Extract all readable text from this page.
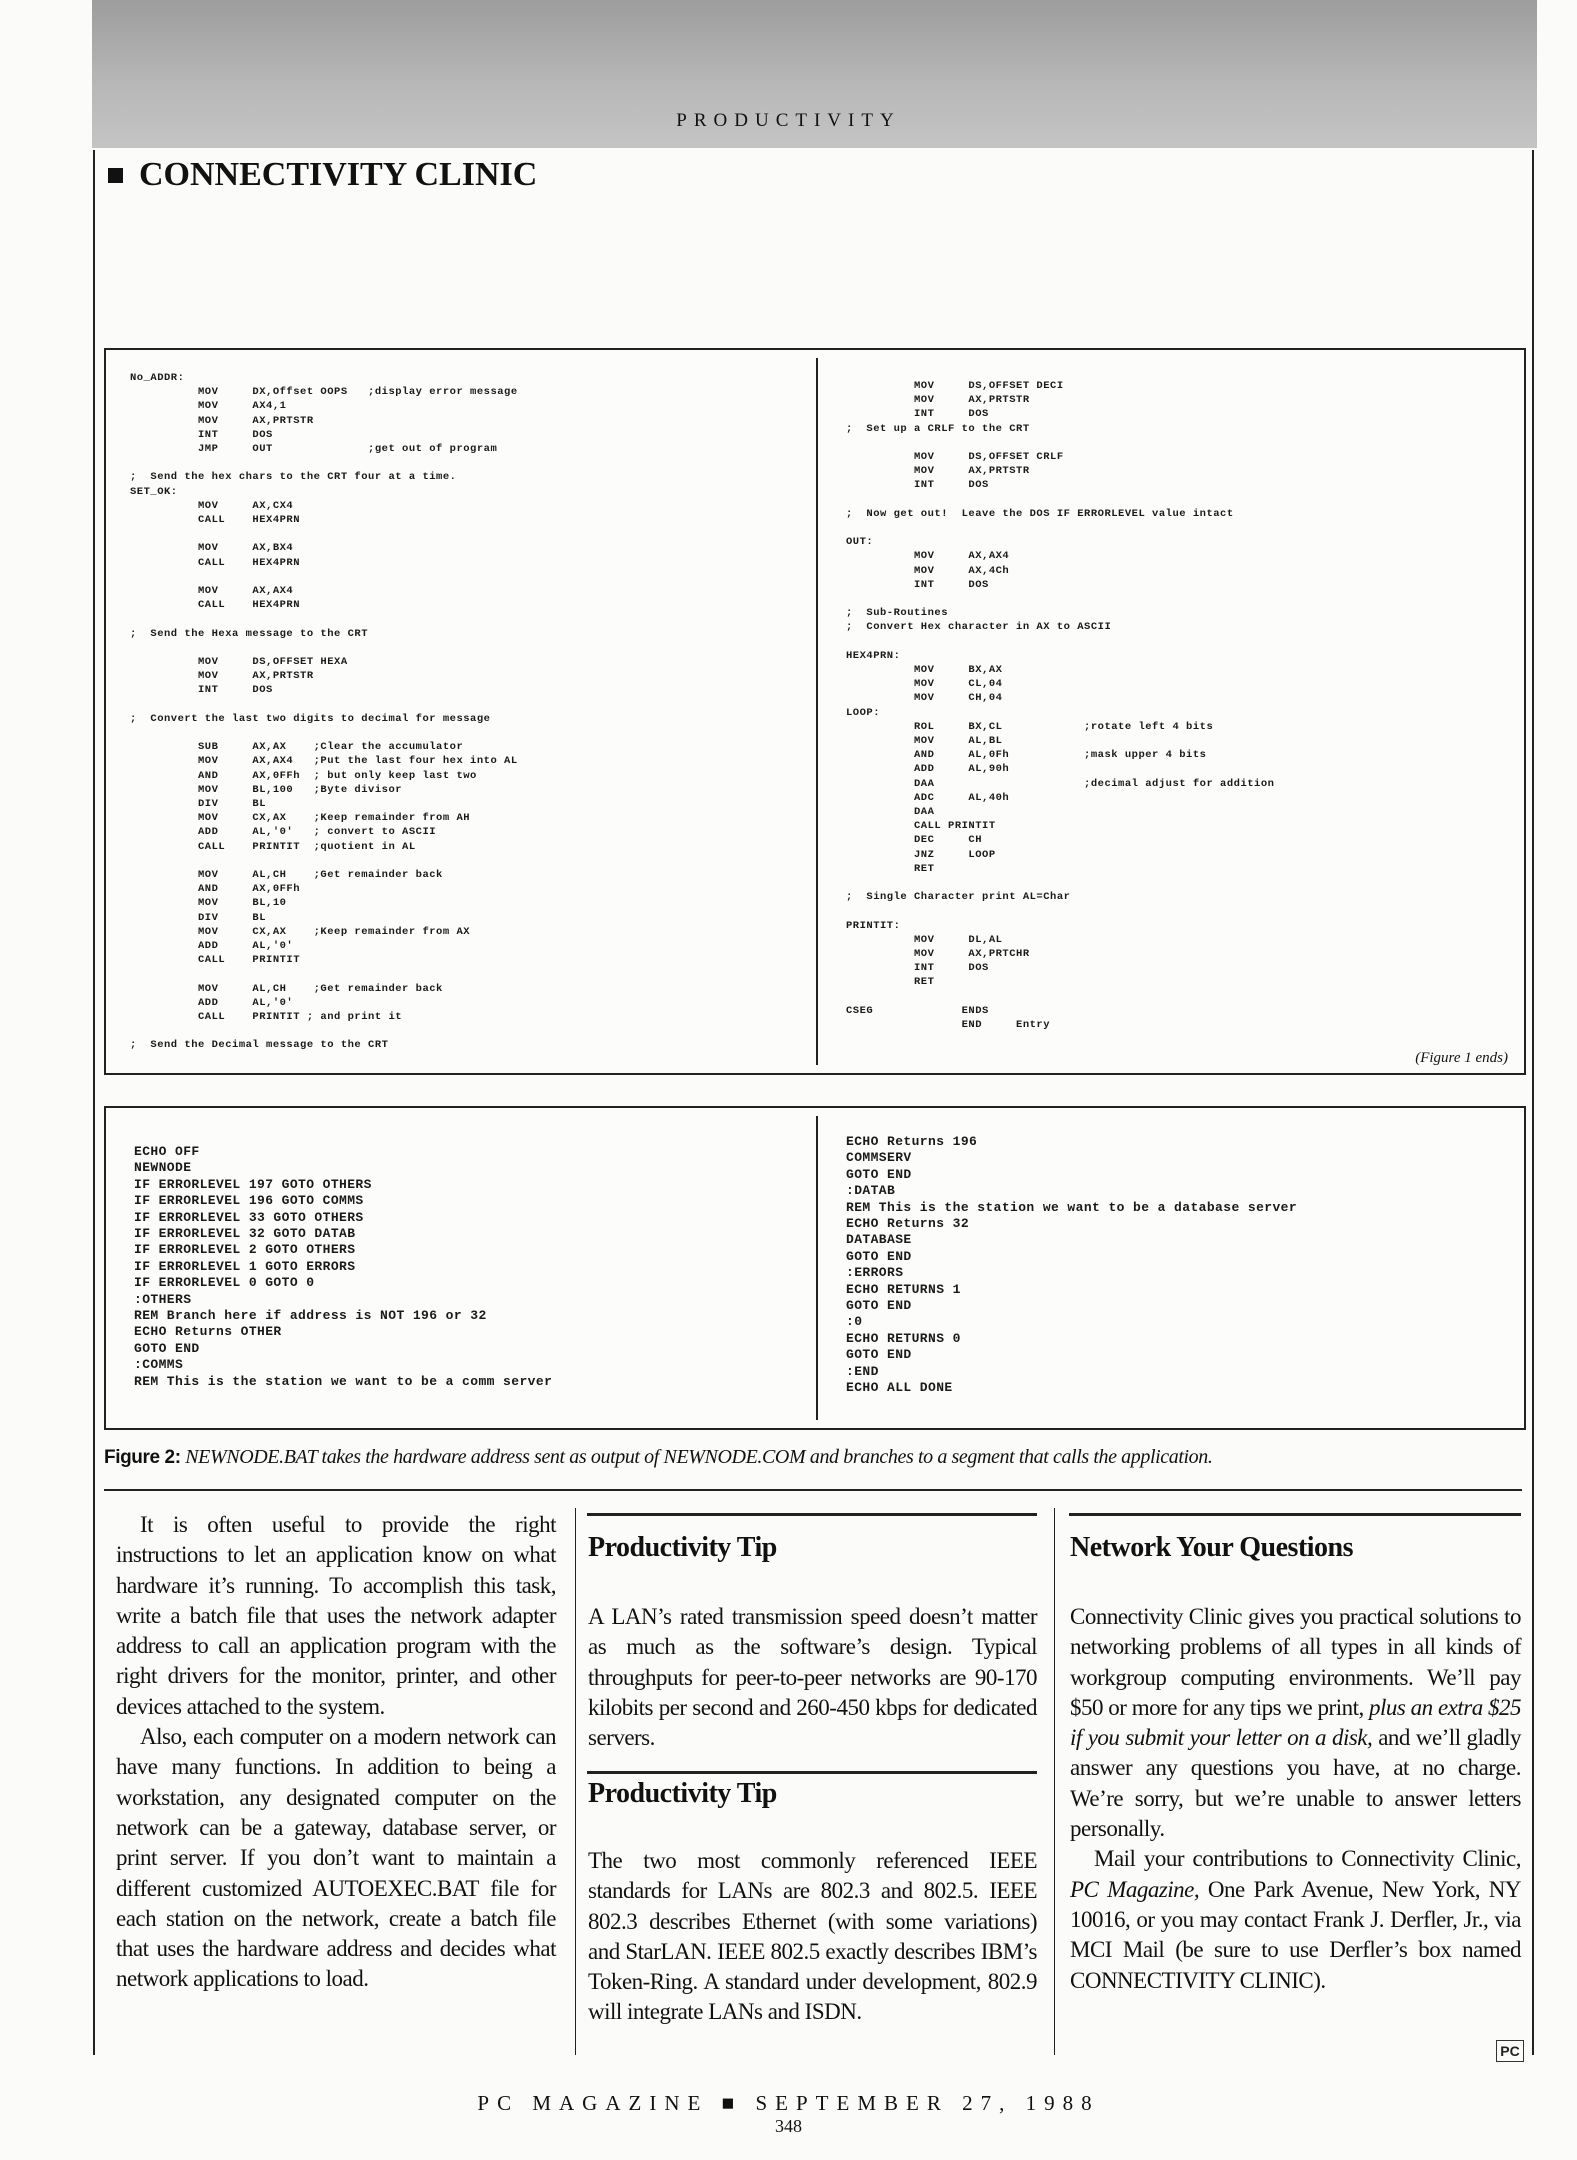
PRODUCTIVITY
CONNECTIVITY CLINIC
No_ADDR:
MOV     DX,Offset OOPS   ;display error message
MOV     AX4,1
MOV     AX,PRTSTR
INT     DOS
JMP     OUT              ;get out of program
;  Send the hex chars to the CRT four at a time.
SET_OK:
MOV     AX,CX4
CALL    HEX4PRN
MOV     AX,BX4
CALL    HEX4PRN
MOV     AX,AX4
CALL    HEX4PRN
;  Send the Hexa message to the CRT
MOV     DS,OFFSET HEXA
MOV     AX,PRTSTR
INT     DOS
;  Convert the last two digits to decimal for message
SUB     AX,AX    ;Clear the accumulator
MOV     AX,AX4   ;Put the last four hex into AL
AND     AX,0FFh  ; but only keep last two
MOV     BL,100   ;Byte divisor
DIV     BL
MOV     CX,AX    ;Keep remainder from AH
ADD     AL,'0'   ; convert to ASCII
CALL    PRINTIT  ;quotient in AL
MOV     AL,CH    ;Get remainder back
AND     AX,0FFh
MOV     BL,10
DIV     BL
MOV     CX,AX    ;Keep remainder from AX
ADD     AL,'0'
CALL    PRINTIT
MOV     AL,CH    ;Get remainder back
ADD     AL,'0'
CALL    PRINTIT ; and print it
;  Send the Decimal message to the CRT
MOV     DS,OFFSET DECI
MOV     AX,PRTSTR
INT     DOS
;  Set up a CRLF to the CRT
MOV     DS,OFFSET CRLF
MOV     AX,PRTSTR
INT     DOS
;  Now get out!  Leave the DOS IF ERRORLEVEL value intact
OUT:
MOV     AX,AX4
MOV     AX,4Ch
INT     DOS
;  Sub-Routines
;  Convert Hex character in AX to ASCII
HEX4PRN:
MOV     BX,AX
MOV     CL,04
MOV     CH,04
LOOP:
ROL     BX,CL            ;rotate left 4 bits
MOV     AL,BL
AND     AL,0Fh           ;mask upper 4 bits
ADD     AL,90h
DAA                      ;decimal adjust for addition
ADC     AL,40h
DAA
CALL PRINTIT
DEC     CH
JNZ     LOOP
RET
;  Single Character print AL=Char
PRINTIT:
MOV     DL,AL
MOV     AX,PRTCHR
INT     DOS
RET
CSEG             ENDS
END     Entry
(Figure 1 ends)
ECHO OFF
NEWNODE
IF ERRORLEVEL 197 GOTO OTHERS
IF ERRORLEVEL 196 GOTO COMMS
IF ERRORLEVEL 33 GOTO OTHERS
IF ERRORLEVEL 32 GOTO DATAB
IF ERRORLEVEL 2 GOTO OTHERS
IF ERRORLEVEL 1 GOTO ERRORS
IF ERRORLEVEL 0 GOTO 0
:OTHERS
REM Branch here if address is NOT 196 or 32
ECHO Returns OTHER
GOTO END
:COMMS
REM This is the station we want to be a comm server
ECHO Returns 196
COMMSERV
GOTO END
:DATAB
REM This is the station we want to be a database server
ECHO Returns 32
DATABASE
GOTO END
:ERRORS
ECHO RETURNS 1
GOTO END
:0
ECHO RETURNS 0
GOTO END
:END
ECHO ALL DONE
Figure 2: NEWNODE.BAT takes the hardware address sent as output of NEWNODE.COM and branches to a segment that calls the application.

It is often useful to provide the right instructions to let an application know on what hardware it’s running. To accomplish this task, write a batch file that uses the network adapter address to call an application program with the right drivers for the monitor, printer, and other devices attached to the system.

Also, each computer on a modern network can have many functions. In addition to being a workstation, any designated computer on the network can be a gateway, database server, or print server. If you don’t want to maintain a different customized AUTOEXEC.BAT file for each station on the network, create a batch file that uses the hardware address and decides what network applications to load.

Productivity Tip
A LAN’s rated transmission speed doesn’t matter as much as the software’s design. Typical throughputs for peer-to-peer networks are 90-170 kilobits per second and 260-450 kbps for dedicated servers.
Productivity Tip
The two most commonly referenced IEEE standards for LANs are 802.3 and 802.5. IEEE 802.3 describes Ethernet (with some variations) and StarLAN. IEEE 802.5 exactly describes IBM’s Token-Ring. A standard under development, 802.9 will integrate LANs and ISDN.
Network Your Questions

Connectivity Clinic gives you practical solutions to networking problems of all types in all kinds of workgroup computing environments. We’ll pay $50 or more for any tips we print, plus an extra $25 if you submit your letter on a disk, and we’ll gladly answer any questions you have, at no charge. We’re sorry, but we’re unable to answer letters personally.

Mail your contributions to Connectivity Clinic, PC Magazine, One Park Avenue, New York, NY 10016, or you may contact Frank J. Derfler, Jr., via MCI Mail (be sure to use Derfler’s box named CONNECTIVITY CLINIC).

PC
PC MAGAZINE ■ SEPTEMBER 27, 1988
348
